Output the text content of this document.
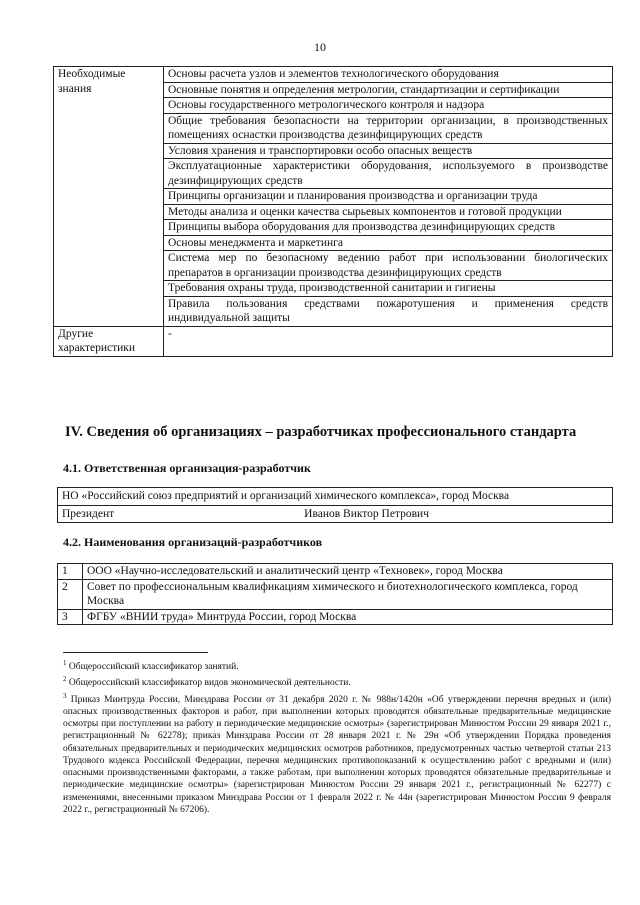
10
Необходимые знания	Основы расчета узлов и элементов технологического оборудования
	Основные понятия и определения метрологии, стандартизации и сертификации
	Основы государственного метрологического контроля и надзора
	Общие требования безопасности на территории организации, в производственных помещениях оснастки производства дезинфицирующих средств
	Условия хранения и транспортировки особо опасных веществ
	Эксплуатационные характеристики оборудования, используемого в производстве дезинфицирующих средств
	Принципы организации и планирования производства и организации труда
	Методы анализа и оценки качества сырьевых компонентов и готовой продукции
	Принципы выбора оборудования для производства дезинфицирующих средств
	Основы менеджмента и маркетинга
	Система мер по безопасному ведению работ при использовании биологических препаратов в организации производства дезинфицирующих средств
	Требования охраны труда, производственной санитарии и гигиены
	Правила пользования средствами пожаротушения и применения средств индивидуальной защиты
Другие характеристики	-
IV. Сведения об организациях – разработчиках профессионального стандарта
4.1. Ответственная организация-разработчик
НО «Российский союз предприятий и организаций химического комплекса», город Москва
Президент	Иванов Виктор Петрович
4.2. Наименования организаций-разработчиков
1	ООО «Научно-исследовательский и аналитический центр «Техновек», город Москва
2	Совет по профессиональным квалификациям химического и биотехнологического комплекса, город Москва
3	ФГБУ «ВНИИ труда» Минтруда России, город Москва

$^1$ Общероссийский классификатор занятий.

$^2$ Общероссийский классификатор видов экономической деятельности.

$^3$ Приказ Минтруда России, Минздрава России от 31 декабря 2020 г. № 988н/1420н «Об утверждении перечня вредных и (или) опасных производственных факторов и работ, при выполнении которых проводятся обязательные предварительные медицинские осмотры при поступлении на работу и периодические медицинские осмотры» (зарегистрирован Минюстом России 29 января 2021 г., регистрационный № 62278); приказ Минздрава России от 28 января 2021 г. № 29н «Об утверждении Порядка проведения обязательных предварительных и периодических медицинских осмотров работников, предусмотренных частью четвертой статьи 213 Трудового кодекса Российской Федерации, перечня медицинских противопоказаний к осуществлению работ с вредными и (или) опасными производственными факторами, а также работам, при выполнении которых проводятся обязательные предварительные и периодические медицинские осмотры» (зарегистрирован Минюстом России 29 января 2021 г., регистрационный № 62277) с изменениями, внесенными приказом Минздрава России от 1 февраля 2022 г. № 44н (зарегистрирован Минюстом России 9 февраля 2022 г., регистрационный № 67206).
